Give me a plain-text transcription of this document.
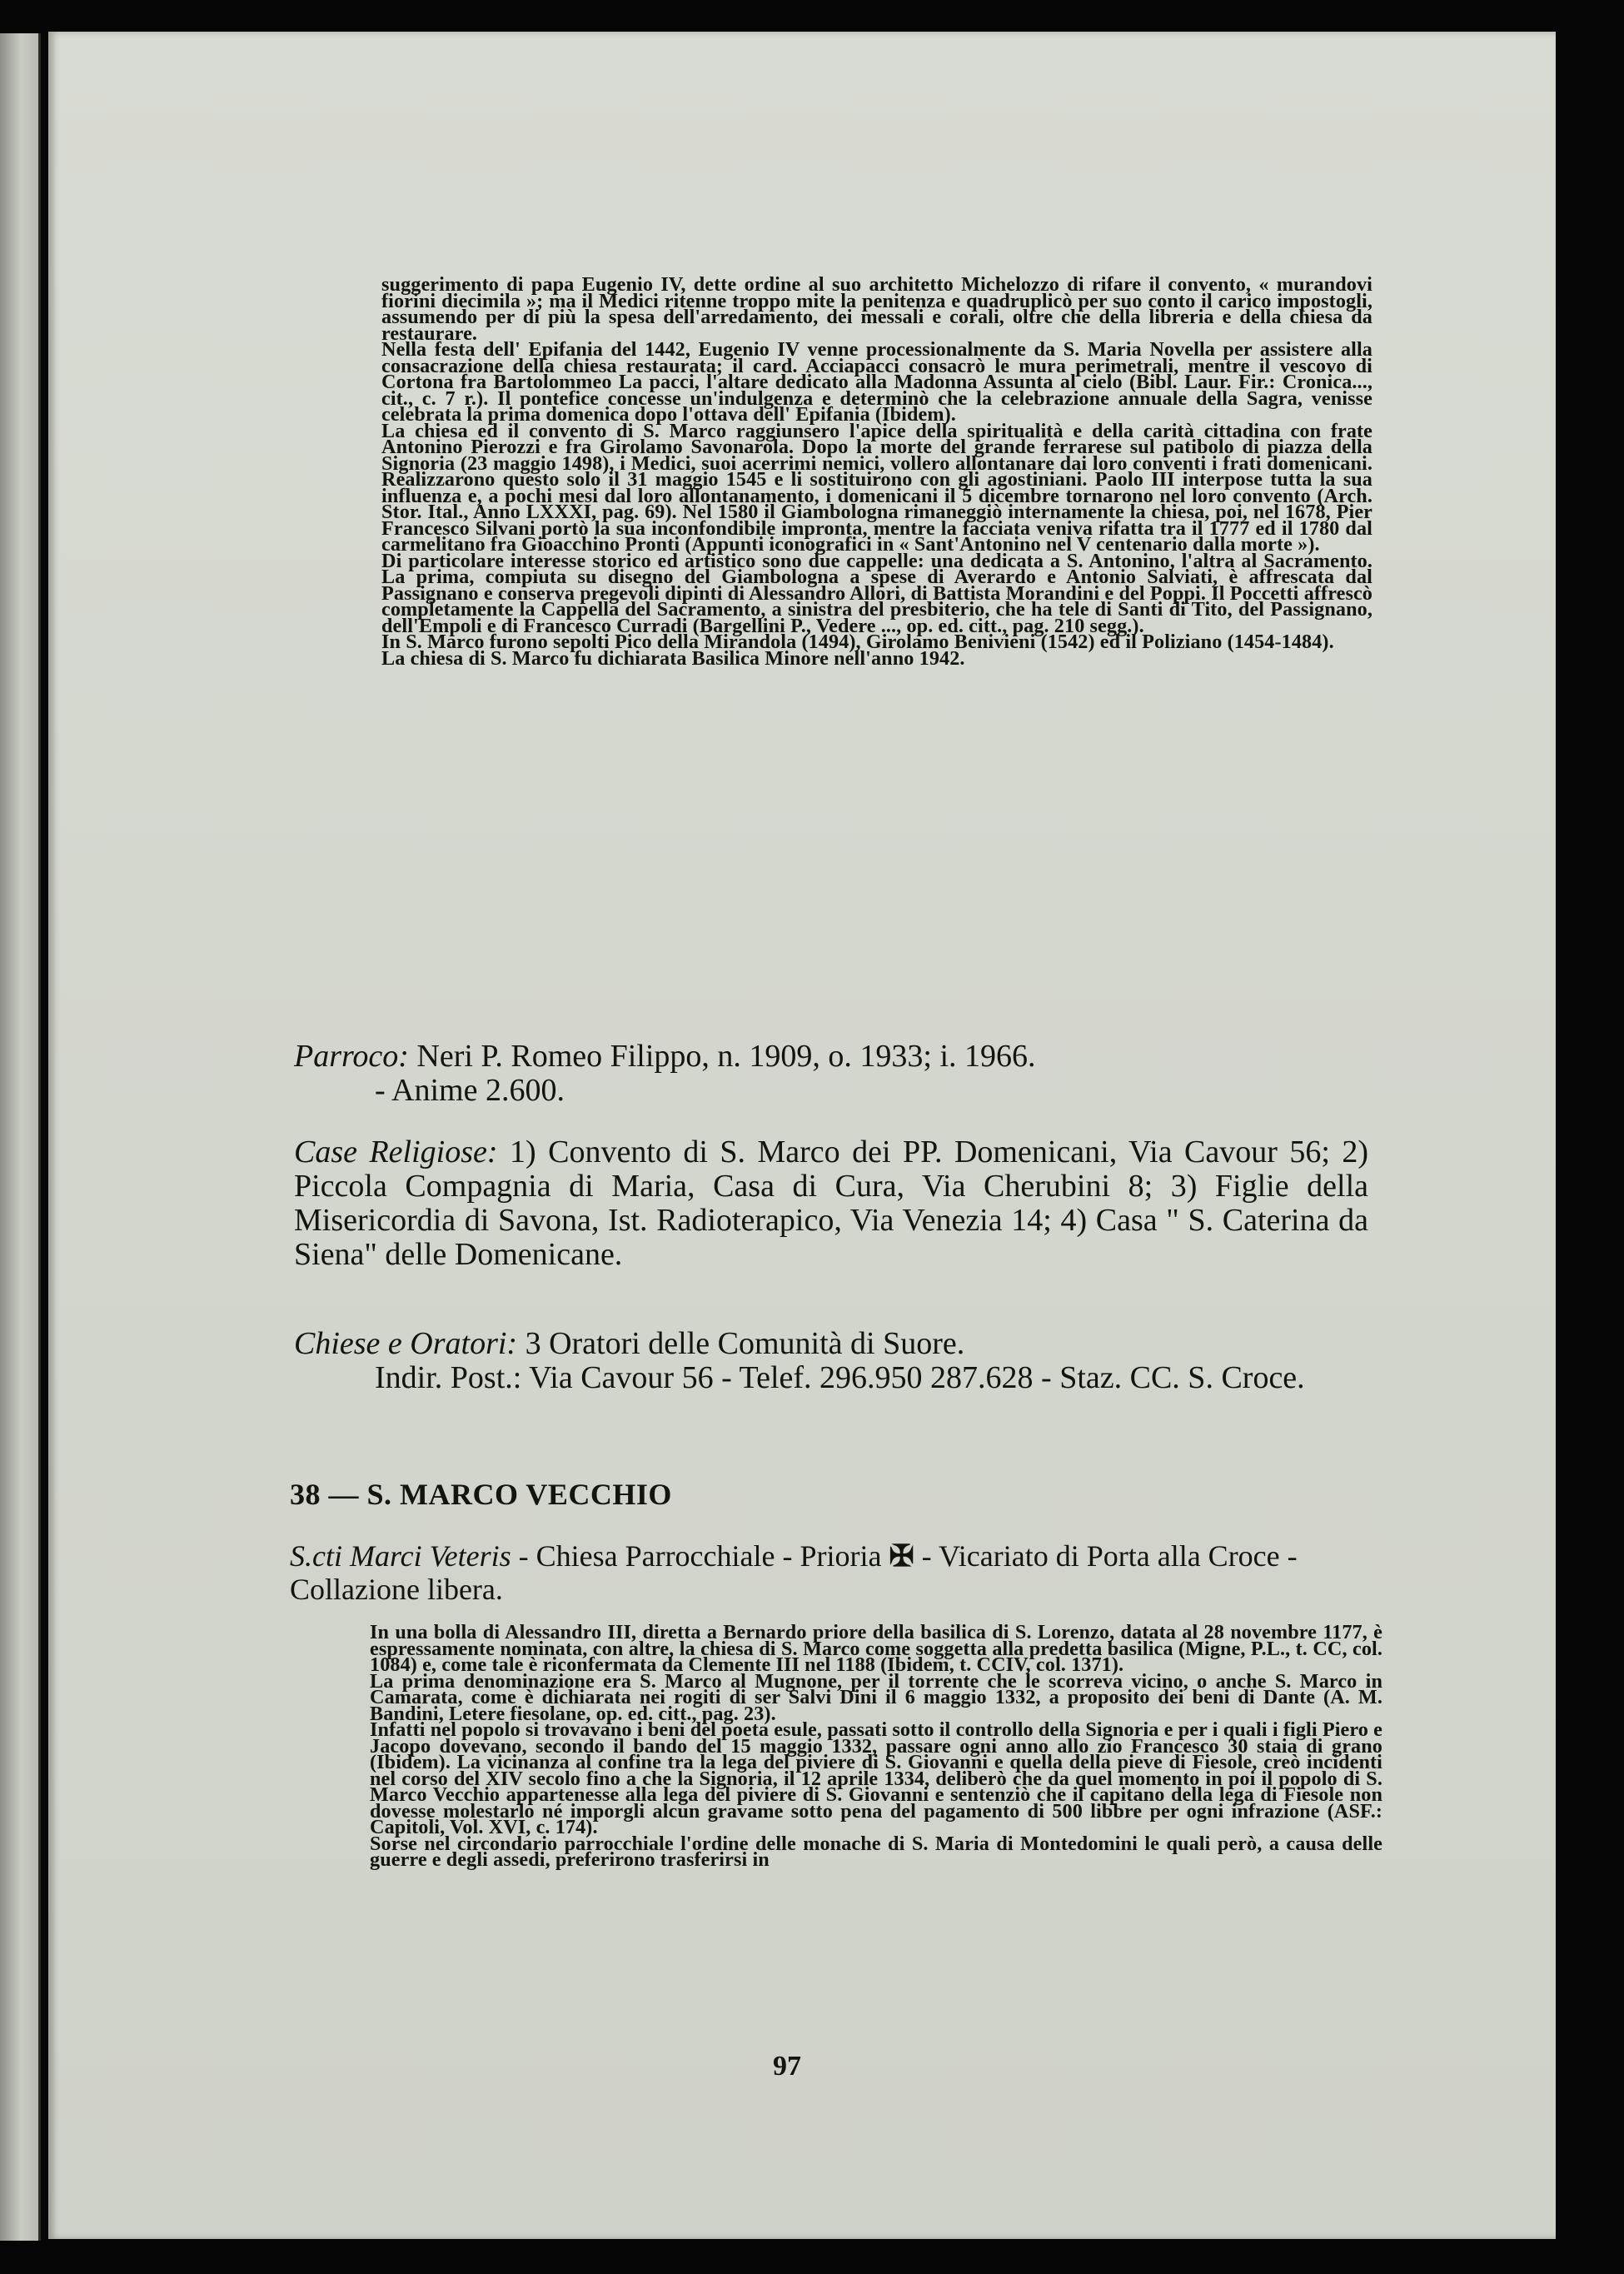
suggerimento di papa Eugenio IV, dette ordine al suo architetto Michelozzo di rifare il convento, « murandovi fiorini diecimila »; ma il Medici ritenne troppo mite la penitenza e quadruplicò per suo conto il carico impostogli, assumendo per di più la spesa dell'arredamento, dei messali e corali, oltre che della libreria e della chiesa da restaurare.

Nella festa dell' Epifania del 1442, Eugenio IV venne processionalmente da S. Maria Novella per assistere alla consacrazione della chiesa restaurata; il card. Acciapacci consacrò le mura perimetrali, mentre il vescovo di Cortona fra Bartolommeo La pacci, l'altare dedicato alla Madonna Assunta al cielo (Bibl. Laur. Fir.: Cronica..., cit., c. 7 r.). Il pontefice concesse un'indulgenza e determinò che la celebrazione annuale della Sagra, venisse celebrata la prima domenica dopo l'ottava dell' Epifania (Ibidem).

La chiesa ed il convento di S. Marco raggiunsero l'apice della spiritualità e della carità cittadina con frate Antonino Pierozzi e fra Girolamo Savonarola. Dopo la morte del grande ferrarese sul patibolo di piazza della Signoria (23 maggio 1498), i Medici, suoi acerrimi nemici, vollero allontanare dai loro conventi i frati domenicani. Realizzarono questo solo il 31 maggio 1545 e li sostituirono con gli agostiniani. Paolo III interpose tutta la sua influenza e, a pochi mesi dal loro allontanamento, i domenicani il 5 dicembre tornarono nel loro convento (Arch. Stor. Ital., Anno LXXXI, pag. 69). Nel 1580 il Giambologna rimaneggiò internamente la chiesa, poi, nel 1678, Pier Francesco Silvani portò la sua inconfondibile impronta, mentre la facciata veniva rifatta tra il 1777 ed il 1780 dal carmelitano fra Gioacchino Pronti (Appunti iconografici in « Sant'Antonino nel V centenario dalla morte »).

Di particolare interesse storico ed artistico sono due cappelle: una dedicata a S. Antonino, l'altra al Sacramento. La prima, compiuta su disegno del Giambologna a spese di Averardo e Antonio Salviati, è affrescata dal Passignano e conserva pregevoli dipinti di Alessandro Allori, di Battista Morandini e del Poppi. Il Poccetti affrescò completamente la Cappella del Sacramento, a sinistra del presbiterio, che ha tele di Santi di Tito, del Passignano, dell'Empoli e di Francesco Curradi (Bargellini P., Vedere ..., op. ed. citt., pag. 210 segg.).

In S. Marco furono sepolti Pico della Mirandola (1494), Girolamo Benivieni (1542) ed il Poliziano (1454-1484).

La chiesa di S. Marco fu dichiarata Basilica Minore nell'anno 1942.

Parroco: Neri P. Romeo Filippo, n. 1909, o. 1933; i. 1966.
- Anime 2.600.
Case Religiose: 1) Convento di S. Marco dei PP. Domenicani, Via Cavour 56; 2) Piccola Compagnia di Maria, Casa di Cura, Via Cherubini 8; 3) Figlie della Misericordia di Savona, Ist. Radioterapico, Via Venezia 14; 4) Casa " S. Caterina da Siena" delle Domenicane.
Chiese e Oratori: 3 Oratori delle Comunità di Suore.
Indir. Post.: Via Cavour 56 - Telef. 296.950 287.628 - Staz. CC. S. Croce.
38 — S. MARCO VECCHIO
S.cti Marci Veteris - Chiesa Parrocchiale - Prioria ✠ - Vicariato di Porta alla Croce - Collazione libera.

In una bolla di Alessandro III, diretta a Bernardo priore della basilica di S. Lorenzo, datata al 28 novembre 1177, è espressamente nominata, con altre, la chiesa di S. Marco come soggetta alla predetta basilica (Migne, P.L., t. CC, col. 1084) e, come tale è riconfermata da Clemente III nel 1188 (Ibidem, t. CCIV, col. 1371).

La prima denominazione era S. Marco al Mugnone, per il torrente che le scorreva vicino, o anche S. Marco in Camarata, come è dichiarata nei rogiti di ser Salvi Dini il 6 maggio 1332, a proposito dei beni di Dante (A. M. Bandini, Letere fiesolane, op. ed. citt., pag. 23).

Infatti nel popolo si trovavano i beni del poeta esule, passati sotto il controllo della Signoria e per i quali i figli Piero e Jacopo dovevano, secondo il bando del 15 maggio 1332, passare ogni anno allo zio Francesco 30 staia di grano (Ibidem). La vicinanza al confine tra la lega del piviere di S. Giovanni e quella della pieve di Fiesole, creò incidenti nel corso del XIV secolo fino a che la Signoria, il 12 aprile 1334, deliberò che da quel momento in poi il popolo di S. Marco Vecchio appartenesse alla lega del piviere di S. Giovanni e sentenziò che il capitano della lega di Fiesole non dovesse molestarlo né imporgli alcun gravame sotto pena del pagamento di 500 libbre per ogni infrazione (ASF.: Capitoli, Vol. XVI, c. 174).

Sorse nel circondario parrocchiale l'ordine delle monache di S. Maria di Montedomini le quali però, a causa delle guerre e degli assedi, preferirono trasferirsi in

97
